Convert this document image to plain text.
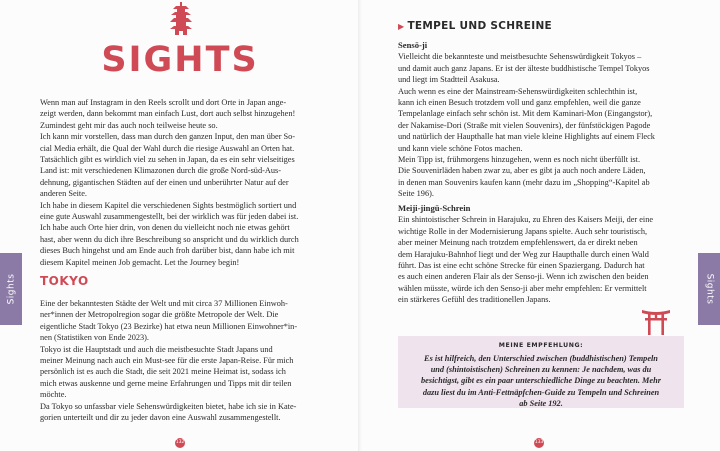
SIGHTS

Wenn man auf Instagram in den Reels scrollt und dort Orte in Japan ange-

zeigt werden, dann bekommt man einfach Lust, dort auch selbst hinzugehen!

Zumindest geht mir das auch noch teilweise heute so.

Ich kann mir vorstellen, dass man durch den ganzen Input, den man über So-

cial Media erhält, die Qual der Wahl durch die riesige Auswahl an Orten hat.

Tatsächlich gibt es wirklich viel zu sehen in Japan, da es ein sehr vielseitiges

Land ist: mit verschiedenen Klimazonen durch die große Nord-süd-Aus-

dehnung, gigantischen Städten auf der einen und unberührter Natur auf der

anderen Seite.

Ich habe in diesem Kapitel die verschiedenen Sights bestmöglich sortiert und

eine gute Auswahl zusammengestellt, bei der wirklich was für jeden dabei ist.

Ich habe auch Orte hier drin, von denen du vielleicht noch nie etwas gehört

hast, aber wenn du dich ihre Beschreibung so anspricht und du wirklich durch

dieses Buch hingehst und am Ende auch froh darüber bist, dann habe ich mit

diesem Kapitel meinen Job gemacht. Let the Journey begin!

TOKYO

Eine der bekanntesten Städte der Welt und mit circa 37 Millionen Einwoh-

ner*innen der Metropolregion sogar die größte Metropole der Welt. Die

eigentliche Stadt Tokyo (23 Bezirke) hat etwa neun Millionen Einwohner*in-

nen (Statistiken von Ende 2023).

Tokyo ist die Hauptstadt und auch die meistbesuchte Stadt Japans und

meiner Meinung nach auch ein Must-see für die erste Japan-Reise. Für mich

persönlich ist es auch die Stadt, die seit 2021 meine Heimat ist, sodass ich

mich etwas auskenne und gerne meine Erfahrungen und Tipps mit dir teilen

möchte.

Da Tokyo so unfassbar viele Sehenswürdigkeiten bietet, habe ich sie in Kate-

gorien unterteilt und dir zu jeder davon eine Auswahl zusammengestellt.

Sights
132
▶ TEMPEL UND SCHREINE

Sensō-ji

Vielleicht die bekannteste und meistbesuchte Sehenswürdigkeit Tokyos –

und damit auch ganz Japans. Er ist der älteste buddhistische Tempel Tokyos

und liegt im Stadtteil Asakusa.

Auch wenn es eine der Mainstream-Sehenswürdigkeiten schlechthin ist,

kann ich einen Besuch trotzdem voll und ganz empfehlen, weil die ganze

Tempelanlage einfach sehr schön ist. Mit dem Kaminari-Mon (Eingangstor),

der Nakamise-Dori (Straße mit vielen Souvenirs), der fünfstöckigen Pagode

und natürlich der Haupthalle hat man viele kleine Highlights auf einem Fleck

und kann viele schöne Fotos machen.

Mein Tipp ist, frühmorgens hinzugehen, wenn es noch nicht überfüllt ist.

Die Souvenirläden haben zwar zu, aber es gibt ja auch noch andere Läden,

in denen man Souvenirs kaufen kann (mehr dazu im „Shopping“-Kapitel ab

Seite 196).

Meiji-jingū-Schrein

Ein shintoistischer Schrein in Harajuku, zu Ehren des Kaisers Meiji, der eine

wichtige Rolle in der Modernisierung Japans spielte. Auch sehr touristisch,

aber meiner Meinung nach trotzdem empfehlenswert, da er direkt neben

dem Harajuku-Bahnhof liegt und der Weg zur Haupthalle durch einen Wald

führt. Das ist eine echt schöne Strecke für einen Spaziergang. Dadurch hat

es auch einen anderen Flair als der Senso-ji. Wenn ich zwischen den beiden

wählen müsste, würde ich den Senso-ji aber mehr empfehlen: Er vermittelt

ein stärkeres Gefühl des traditionellen Japans.

MEINE EMPFEHLUNG:

Es ist hilfreich, den Unterschied zwischen (buddhistischen) Tempeln

und (shintoistischen) Schreinen zu kennen: Je nachdem, was du

besichtigst, gibt es ein paar unterschiedliche Dinge zu beachten. Mehr

dazu liest du im Anti-Fettnäpfchen-Guide zu Tempeln und Schreinen

ab Seite 192.

Sights
133
